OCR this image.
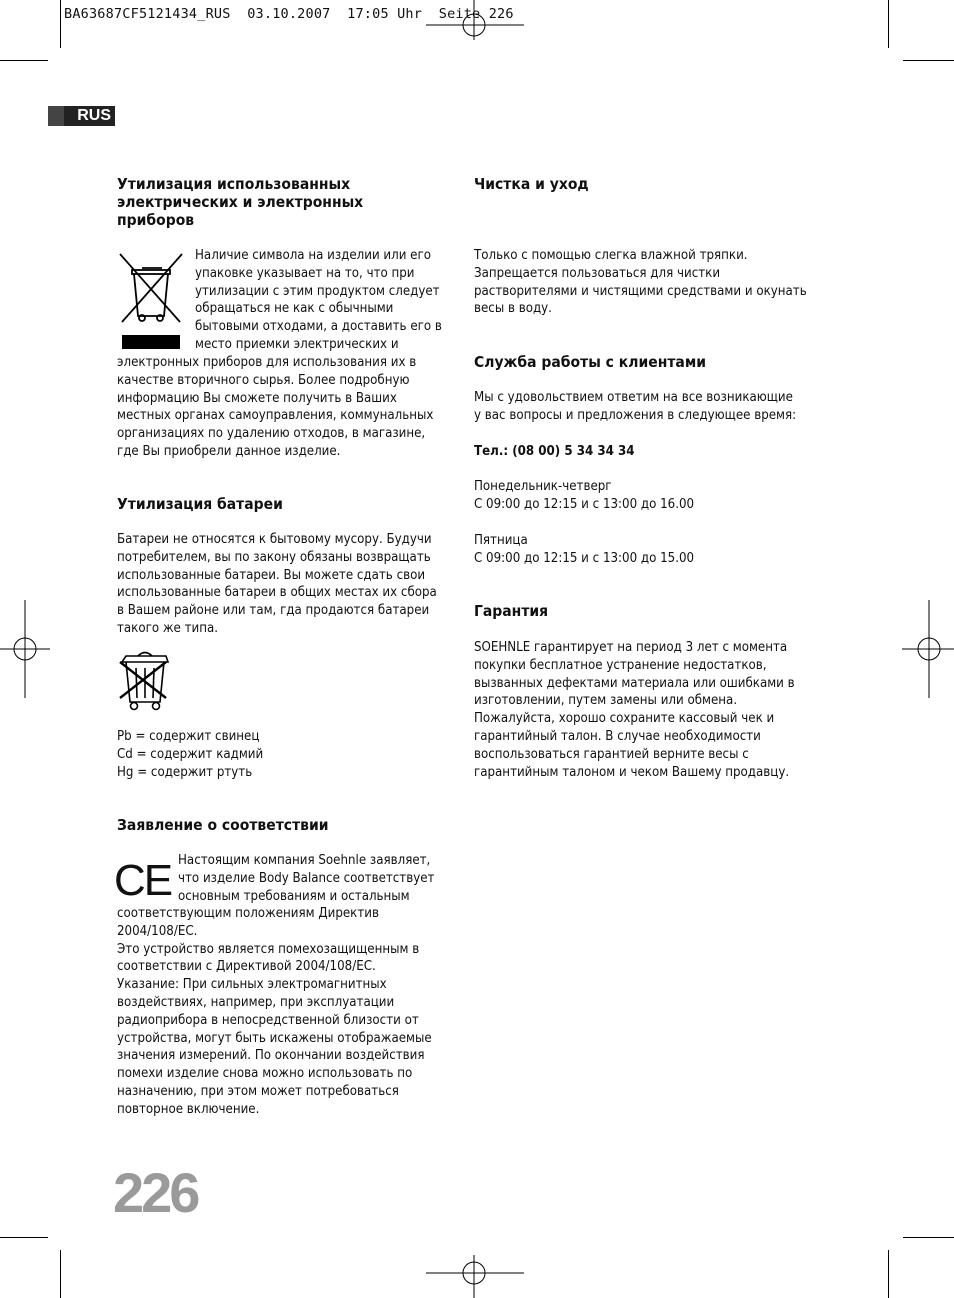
BA63687CF5121434_RUS  03.10.2007  17:05 Uhr  Seite 226
RUS
Утилизация использованных
электрических и электронных
приборов
Наличие символа на изделии или его
упаковке указывает на то, что при
утилизации с этим продуктом следует
обращаться не как с обычными
бытовыми отходами, а доставить его в
место приемки электрических и
электронных приборов для использования их в
качестве вторичного сырья. Более подробную
информацию Вы сможете получить в Ваших
местных органах самоуправления, коммунальных
организациях по удалению отходов, в магазине,
где Вы приобрели данное изделие.
Утилизация батареи
Батареи не относятся к бытовому мусору. Будучи
потребителем, вы по закону обязаны возвращать
использованные батареи. Вы можете сдать свои
использованные батареи в общих местах их сбора
в Вашем районе или там, гда продаются батареи
такого же типа.
Pb = содержит свинец
Cd = содержит кадмий
Hg = содержит ртуть
Заявление о соответствии
CE Настоящим компания Soehnle заявляет,
что изделие Body Balance соответствует
основным требованиям и остальным
соответствующим положениям Директив
2004/108/EC.
Это устройство является помехозащищенным в
соответствии с Директивой 2004/108/EC.
Указание: При сильных электромагнитных
воздействиях, например, при эксплуатации
радиоприбора в непосредственной близости от
устройства, могут быть искажены отображаемые
значения измерений. По окончании воздействия
помехи изделие снова можно использовать по
назначению, при этом может потребоваться
повторное включение.
Чистка и уход
Только с помощью слегка влажной тряпки.
Запрещается пользоваться для чистки
растворителями и чистящими средствами и окунать
весы в воду.
Служба работы с клиентами
Мы с удовольствием ответим на все возникающие
у вас вопросы и предложения в следующее время:
Тел.: (08 00) 5 34 34 34
Понедельник-четверг
С 09:00 до 12:15 и с 13:00 до 16.00
Пятница
С 09:00 до 12:15 и с 13:00 до 15.00
Гарантия
SOEHNLE гарантирует на период 3 лет с момента
покупки бесплатное устранение недостатков,
вызванных дефектами материала или ошибками в
изготовлении, путем замены или обмена.
Пожалуйста, хорошо сохраните кассовый чек и
гарантийный талон. В случае необходимости
воспользоваться гарантией верните весы с
гарантийным талоном и чеком Вашему продавцу.
226
